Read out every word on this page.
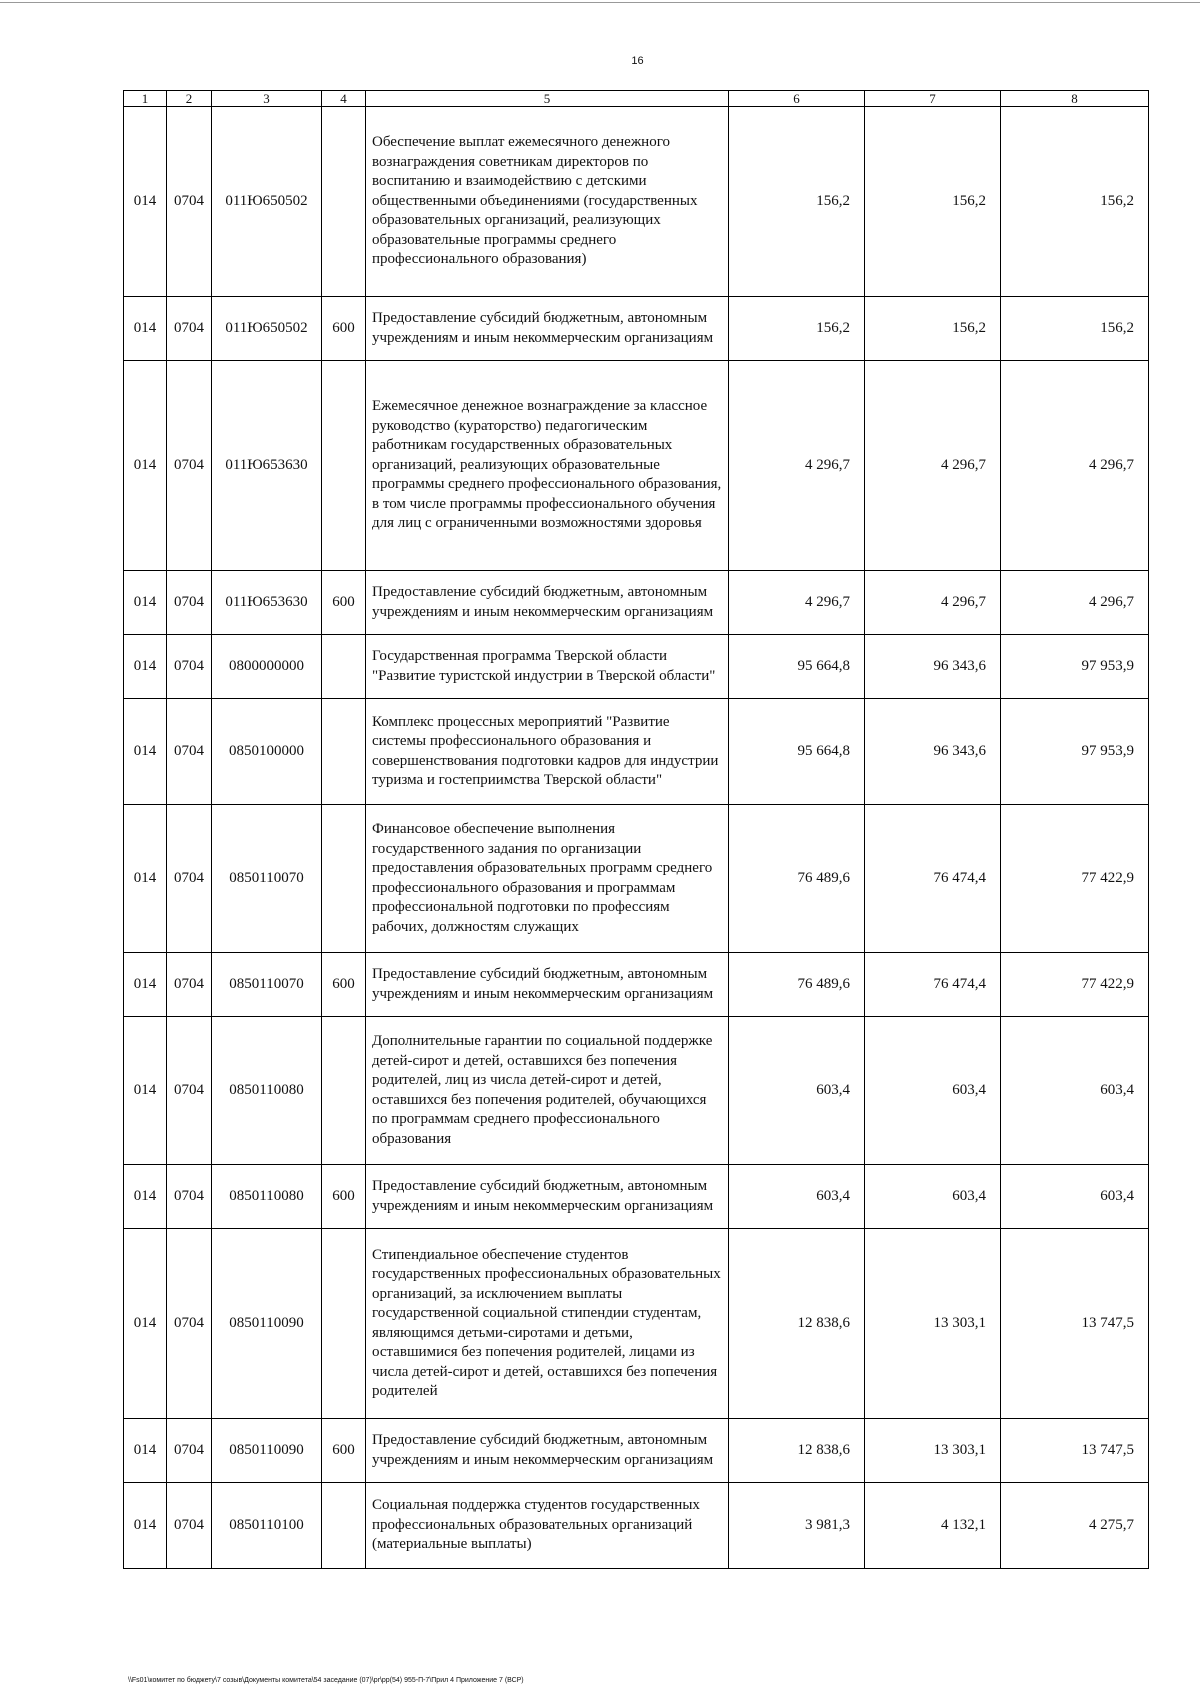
16
1	2	3	4	5	6	7	8
014	0704	011Ю650502		Обеспечение выплат ежемесячного денежного вознаграждения советникам директоров по воспитанию и взаимодействию с детскими общественными объединениями (государственных образовательных организаций, реализующих образовательные программы среднего профессионального образования)	156,2	156,2	156,2
014	0704	011Ю650502	600	Предоставление субсидий бюджетным, автономным учреждениям и иным некоммерческим организациям	156,2	156,2	156,2
014	0704	011Ю653630		Ежемесячное денежное вознаграждение за классное руководство (кураторство) педагогическим работникам государственных образовательных организаций, реализующих образовательные программы среднего профессионального образования, в том числе программы профессионального обучения для лиц с ограниченными возможностями здоровья	4 296,7	4 296,7	4 296,7
014	0704	011Ю653630	600	Предоставление субсидий бюджетным, автономным учреждениям и иным некоммерческим организациям	4 296,7	4 296,7	4 296,7
014	0704	0800000000		Государственная программа Тверской области "Развитие туристской индустрии в Тверской области"	95 664,8	96 343,6	97 953,9
014	0704	0850100000		Комплекс процессных мероприятий "Развитие системы профессионального образования и совершенствования подготовки кадров для индустрии туризма и гостеприимства Тверской области"	95 664,8	96 343,6	97 953,9
014	0704	0850110070		Финансовое обеспечение выполнения государственного задания по организации предоставления образовательных программ среднего профессионального образования и программам профессиональной подготовки по профессиям рабочих, должностям служащих	76 489,6	76 474,4	77 422,9
014	0704	0850110070	600	Предоставление субсидий бюджетным, автономным учреждениям и иным некоммерческим организациям	76 489,6	76 474,4	77 422,9
014	0704	0850110080		Дополнительные гарантии по социальной поддержке детей-сирот и детей, оставшихся без попечения родителей, лиц из числа детей-сирот и детей, оставшихся без попечения родителей, обучающихся по программам среднего профессионального образования	603,4	603,4	603,4
014	0704	0850110080	600	Предоставление субсидий бюджетным, автономным учреждениям и иным некоммерческим организациям	603,4	603,4	603,4
014	0704	0850110090		Стипендиальное обеспечение студентов государственных профессиональных образовательных организаций, за исключением выплаты государственной социальной стипендии студентам, являющимся детьми-сиротами и детьми, оставшимися без попечения родителей, лицами из числа детей-сирот и детей, оставшихся без попечения родителей	12 838,6	13 303,1	13 747,5
014	0704	0850110090	600	Предоставление субсидий бюджетным, автономным учреждениям и иным некоммерческим организациям	12 838,6	13 303,1	13 747,5
014	0704	0850110100		Социальная поддержка студентов государственных профессиональных образовательных организаций (материальные выплаты)	3 981,3	4 132,1	4 275,7
\\Fs01\комитет по бюджету\7 созыв\Документы комитета\54 заседание (07)\pr\pp(54) 955-П-7\Прил 4 Приложение 7 (ВСР)
